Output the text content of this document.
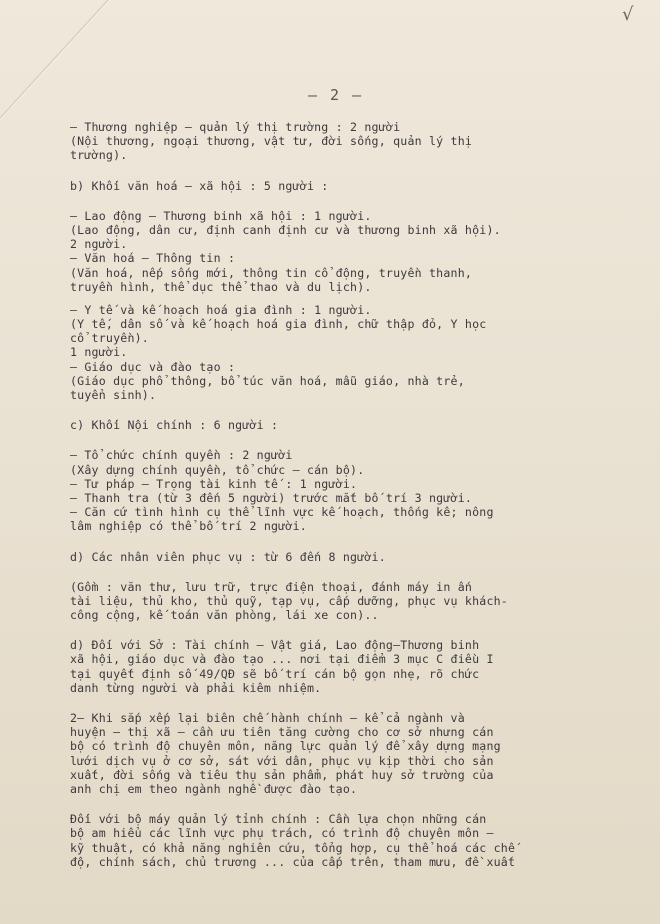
√
– 2 –
– Thương nghiệp – quản lý thị trường : 2 người
(Nội thương, ngoại thương, vật tư, đời sống, quản lý thị
trường).
b) Khối văn hoá – xã hội : 5 người :
– Lao động – Thương binh xã hội : 1 người.
(Lao động, dân cư, định canh định cư và thương binh xã hội).
2 người.
– Văn hoá – Thông tin :
(Văn hoá, nếp sống mới, thông tin cổ động, truyền thanh,
truyền hình, thể dục thể thao và du lịch).
– Y tế và kế hoạch hoá gia đình : 1 người.
(Y tế, dân số và kế hoạch hoá gia đình, chữ thập đỏ, Y học
cổ truyền).
1 người.
– Giáo dục và đào tạo :
(Giáo dục phổ thông, bổ túc văn hoá, mẫu giáo, nhà trẻ,
tuyển sinh).
c) Khối Nội chính : 6 người :
– Tổ chức chính quyền : 2 người
(Xây dựng chính quyền, tổ chức – cán bộ).
– Tư pháp – Trọng tài kinh tế : 1 người.
– Thanh tra (từ 3 đến 5 người) trước mắt bố trí 3 người.
– Căn cứ tình hình cụ thể lĩnh vực kế hoạch, thống kê; nông
lâm nghiệp có thể bố trí 2 người.
d) Các nhân viên phục vụ : từ 6 đến 8 người.
(Gồm : văn thư, lưu trữ, trực điện thoại, đánh máy in ấn
tài liệu, thủ kho, thủ quỹ, tạp vụ, cấp dưỡng, phục vụ khách-
công cộng, kế toán văn phòng, lái xe con)..
d) Đối với Sở : Tài chính – Vật giá, Lao động–Thương binh
xã hội, giáo dục và đào tạo ... nơi tại điểm 3 mục C điều I
tại quyết định số 49/QĐ sẽ bố trí cán bộ gọn nhẹ, rõ chức
danh từng người và phải kiêm nhiệm.
2– Khi sắp xếp lại biên chế hành chính – kể cả ngành và
huyện – thị xã – cần ưu tiên tăng cường cho cơ sở nhưng cán
bộ có trình độ chuyên môn, năng lực quản lý để xây dựng mạng
lưới dịch vụ ở cơ sở, sát với dân, phục vụ kịp thời cho sản
xuất, đời sống và tiêu thụ sản phẩm, phát huy sở trường của
anh chị em theo ngành nghề được đào tạo.
Đối với bộ máy quản lý tỉnh chính : Cần lựa chọn những cán
bộ am hiểu các lĩnh vực phụ trách, có trình độ chuyên môn –
kỹ thuật, có khả năng nghiên cứu, tổng hợp, cụ thể hoá các chế
độ, chính sách, chủ trương ... của cấp trên, tham mưu, đề xuất
